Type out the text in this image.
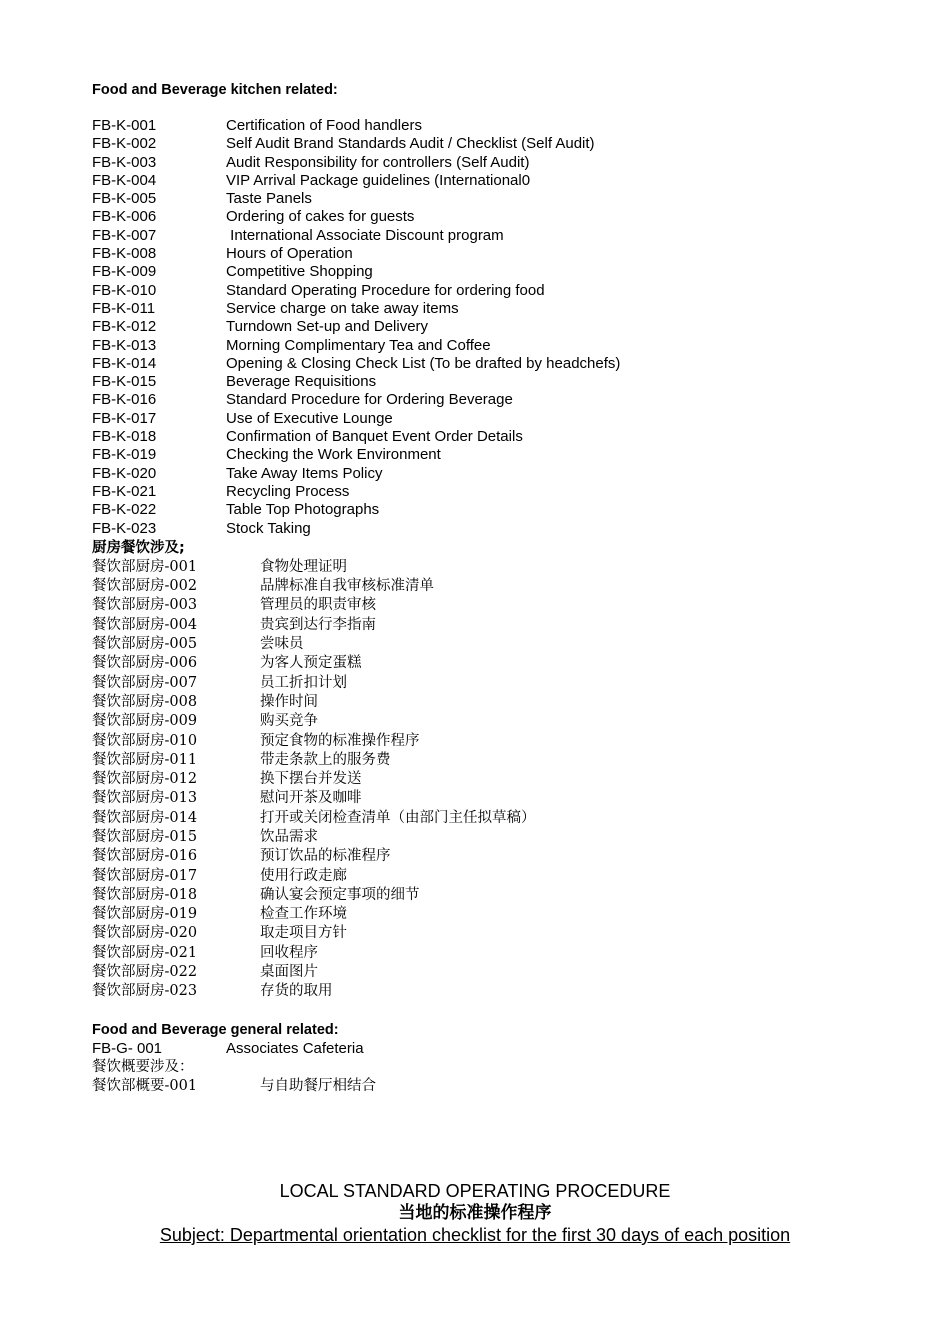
Food and Beverage kitchen related:
FB-K-001	Certification of Food handlers
FB-K-002	Self Audit Brand Standards Audit / Checklist (Self Audit)
FB-K-003	Audit Responsibility for controllers (Self Audit)
FB-K-004	VIP Arrival Package guidelines (International0
FB-K-005	Taste Panels
FB-K-006	Ordering of cakes for guests
FB-K-007	International Associate Discount program
FB-K-008	Hours of Operation
FB-K-009	Competitive Shopping
FB-K-010	Standard Operating Procedure for ordering food
FB-K-011	Service charge on take away items
FB-K-012	Turndown Set-up and Delivery
FB-K-013	Morning Complimentary Tea and Coffee
FB-K-014	Opening & Closing Check List (To be drafted by headchefs)
FB-K-015	Beverage Requisitions
FB-K-016	Standard Procedure for Ordering Beverage
FB-K-017	Use of Executive Lounge
FB-K-018	Confirmation of Banquet Event Order Details
FB-K-019	Checking the Work Environment
FB-K-020	Take Away Items Policy
FB-K-021	Recycling Process
FB-K-022	Table Top Photographs
FB-K-023	Stock Taking
厨房餐饮涉及;
餐饮部厨房-001	食物处理证明
餐饮部厨房-002	品牌标准自我审核标准清单
餐饮部厨房-003	管理员的职责审核
餐饮部厨房-004	贵宾到达行李指南
餐饮部厨房-005	尝味员
餐饮部厨房-006	为客人预定蛋糕
餐饮部厨房-007	员工折扣计划
餐饮部厨房-008	操作时间
餐饮部厨房-009	购买竞争
餐饮部厨房-010	预定食物的标准操作程序
餐饮部厨房-011	带走条款上的服务费
餐饮部厨房-012	换下摆台并发送
餐饮部厨房-013	慰问开茶及咖啡
餐饮部厨房-014	打开或关闭检查清单（由部门主任拟草稿）
餐饮部厨房-015	饮品需求
餐饮部厨房-016	预订饮品的标准程序
餐饮部厨房-017	使用行政走廊
餐饮部厨房-018	确认宴会预定事项的细节
餐饮部厨房-019	检查工作环境
餐饮部厨房-020	取走项目方针
餐饮部厨房-021	回收程序
餐饮部厨房-022	桌面图片
餐饮部厨房-023	存货的取用
Food and Beverage general related:
FB-G- 001	Associates Cafeteria
餐饮概要涉及：
餐饮部概要-001	与自助餐厅相结合
LOCAL STANDARD OPERATING PROCEDURE
当地的标准操作程序
Subject: Departmental orientation checklist for the first 30 days of each position
